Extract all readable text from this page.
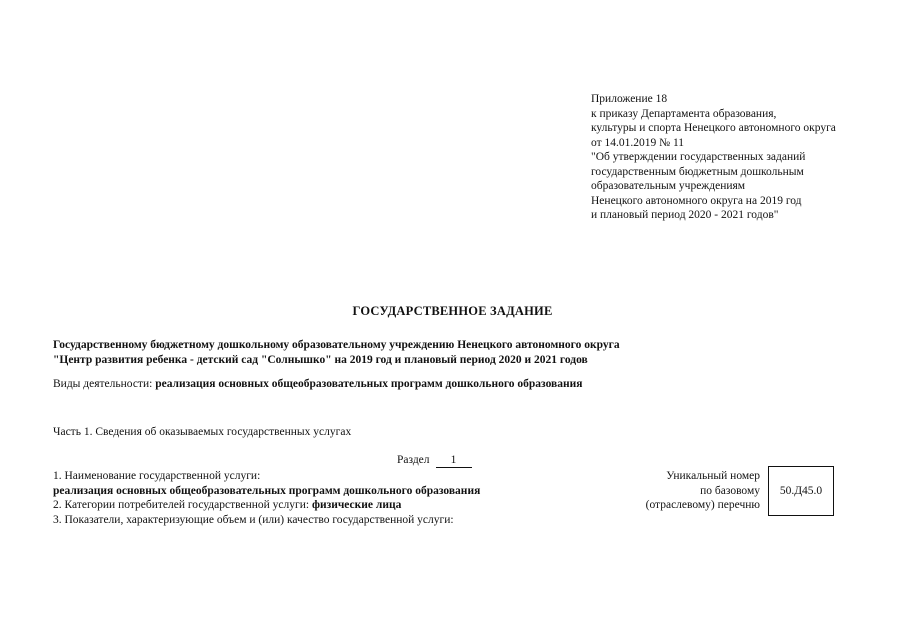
Приложение 18
к приказу Департамента образования,
культуры и спорта Ненецкого автономного округа
от 14.01.2019 № 11
"Об утверждении государственных заданий
государственным бюджетным дошкольным
образовательным учреждениям
Ненецкого автономного округа на 2019 год
и плановый период 2020 - 2021 годов"
ГОСУДАРСТВЕННОЕ ЗАДАНИЕ
Государственному бюджетному дошкольному образовательному учреждению Ненецкого автономного округа
"Центр развития ребенка - детский сад "Солнышко" на 2019 год и плановый период 2020 и 2021 годов
Виды деятельности: реализация основных общеобразовательных программ дошкольного образования
Часть 1. Сведения об оказываемых государственных услугах
Раздел 1
1. Наименование государственной услуги:
реализация основных общеобразовательных программ дошкольного образования
2. Категории потребителей государственной услуги: физические лица
3. Показатели, характеризующие объем и (или) качество государственной услуги:
Уникальный номер
по базовому
(отраслевому) перечню
50.Д45.0
